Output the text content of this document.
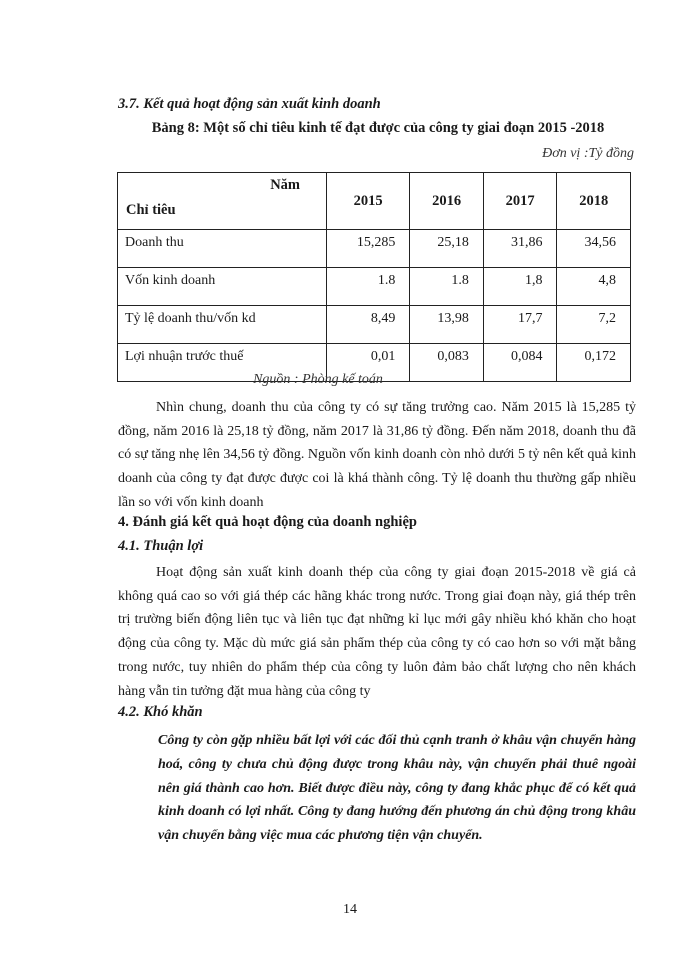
3.7. Kết quả hoạt động sản xuất kinh doanh
Bảng 8: Một số chỉ tiêu kinh tế đạt được của công ty giai đoạn 2015 -2018
Đơn vị :Tỷ đồng
Năm
Chỉ tiêu	2015	2016	2017	2018
Doanh thu	15,285	25,18	31,86	34,56
Vốn kinh doanh	1.8	1.8	1,8	4,8
Tỷ lệ doanh thu/vốn kd	8,49	13,98	17,7	7,2
Lợi nhuận trước thuế	0,01	0,083	0,084	0,172
Nguồn : Phòng kế toán

Nhìn chung, doanh thu của công ty có sự tăng trưởng cao. Năm 2015 là 15,285 tỷ đồng, năm 2016 là 25,18 tỷ đồng, năm 2017 là 31,86 tỷ đồng. Đến năm 2018, doanh thu đã có sự tăng nhẹ lên 34,56 tỷ đồng. Nguồn vốn kinh doanh còn nhỏ dưới 5 tỷ nên kết quả kinh doanh của công ty đạt được được coi là khá thành công. Tỷ lệ doanh thu thường gấp nhiều lần so với vốn kinh doanh

4. Đánh giá kết quả hoạt động của doanh nghiệp
4.1. Thuận lợi

Hoạt động sản xuất kinh doanh thép của công ty giai đoạn 2015-2018 về giá cả không quá cao so với giá thép các hãng khác trong nước. Trong giai đoạn này, giá thép trên trị trường biến động liên tục và liên tục đạt những kỉ lục mới gây nhiều khó khăn cho hoạt động của công ty. Mặc dù mức giá sản phẩm thép của công ty có cao hơn so với mặt bằng trong nước, tuy nhiên do phẩm thép của công ty luôn đảm bảo chất lượng cho nên khách hàng vẫn tin tưởng đặt mua hàng của công ty

4.2. Khó khăn

Công ty còn gặp nhiều bất lợi với các đối thủ cạnh tranh ở khâu vận chuyển hàng hoá, công ty chưa chủ động được trong khâu này, vận chuyển phải thuê ngoài nên giá thành cao hơn. Biết được điều này, công ty đang khắc phục để có kết quả kinh doanh có lợi nhất. Công ty đang hướng đến phương án chủ động trong khâu vận chuyển bằng việc mua các phương tiện vận chuyển.

14
